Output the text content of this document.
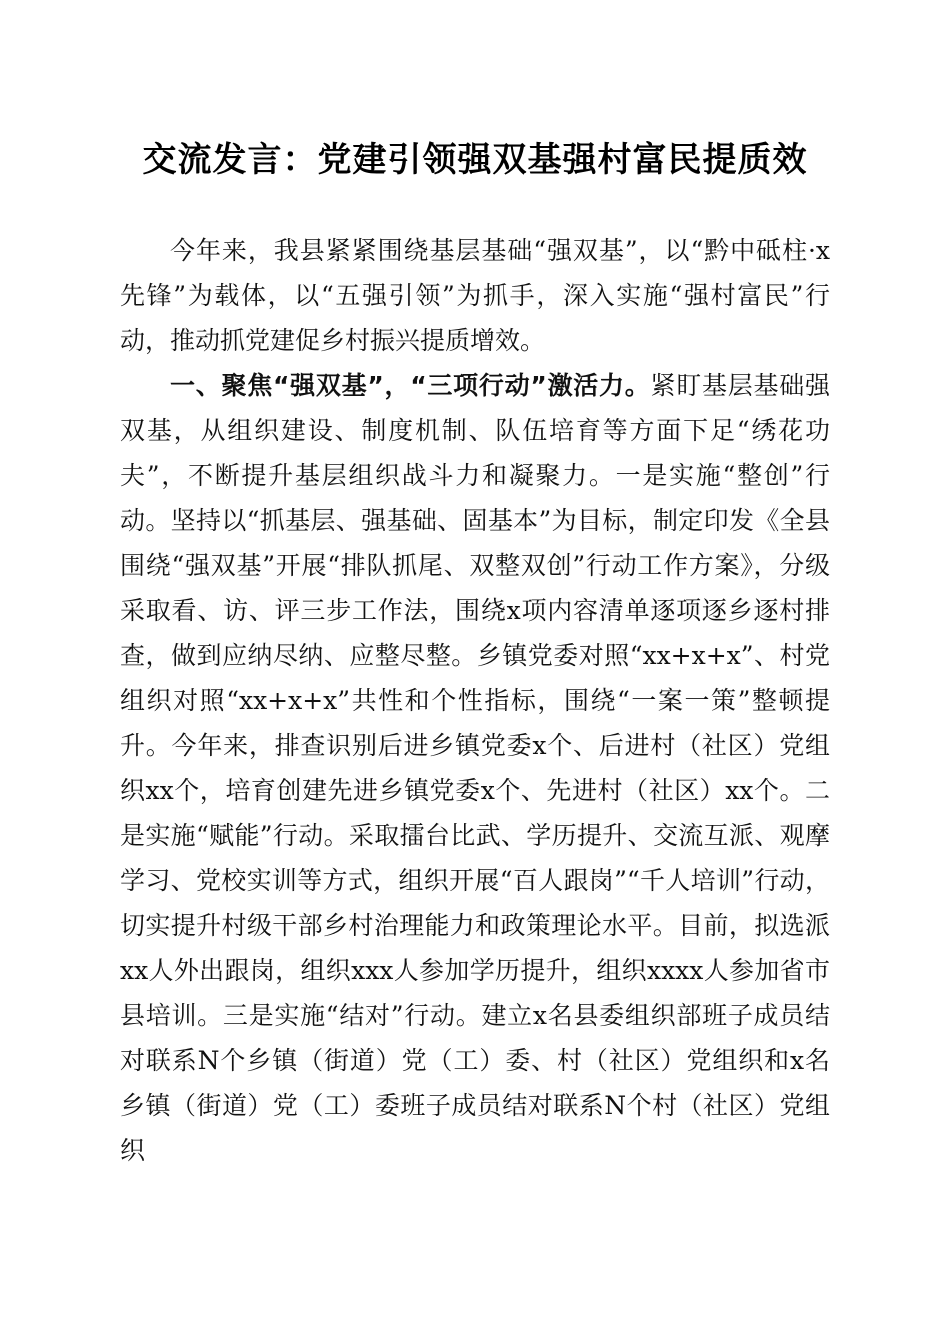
交流发言：党建引领强双基强村富民提质效

今年来，我县紧紧围绕基层基础“强双基”，以“黔中砥柱·x先锋”为载体，以“五强引领”为抓手，深入实施“强村富民”行动，推动抓党建促乡村振兴提质增效。

一、聚焦“强双基”，“三项行动”激活力。紧盯基层基础强双基，从组织建设、制度机制、队伍培育等方面下足“绣花功夫”，不断提升基层组织战斗力和凝聚力。一是实施“整创”行动。坚持以“抓基层、强基础、固基本”为目标，制定印发《全县围绕“强双基”开展“排队抓尾、双整双创”行动工作方案》，分级采取看、访、评三步工作法，围绕x项内容清单逐项逐乡逐村排查，做到应纳尽纳、应整尽整。乡镇党委对照“xx+x+x”、村党组织对照“xx+x+x”共性和个性指标，围绕“一案一策”整顿提升。今年来，排查识别后进乡镇党委x个、后进村（社区）党组织xx个，培育创建先进乡镇党委x个、先进村（社区）xx个。二是实施“赋能”行动。采取擂台比武、学历提升、交流互派、观摩学习、党校实训等方式，组织开展“百人跟岗”“千人培训”行动，切实提升村级干部乡村治理能力和政策理论水平。目前，拟选派xx人外出跟岗，组织xxx人参加学历提升，组织xxxx人参加省市县培训。三是实施“结对”行动。建立x名县委组织部班子成员结对联系N个乡镇（街道）党（工）委、村（社区）党组织和x名乡镇（街道）党（工）委班子成员结对联系N个村（社区）党组织
